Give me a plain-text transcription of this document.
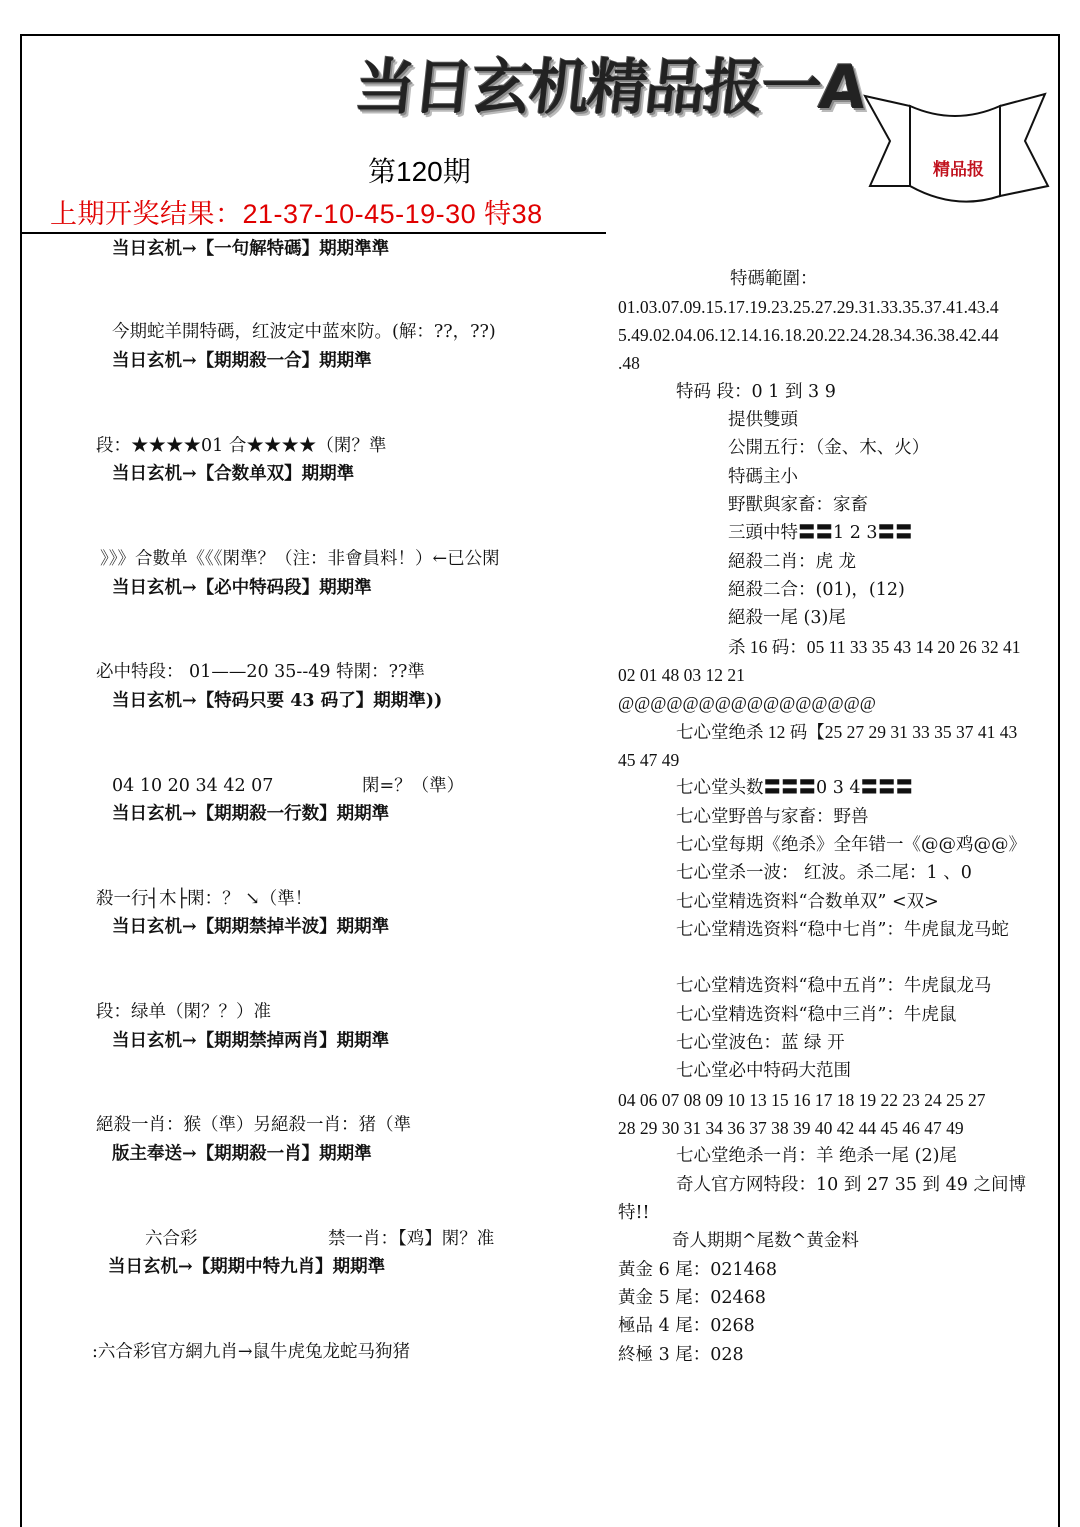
当日玄机精品报一A
精品报
第120期
上期开奖结果：21-37-10-45-19-30 特38
当日玄机→【一句解特碼】期期準準
今期蛇羊開特碼，红波定中蓝來防。(解：??，??)
当日玄机→【期期殺一合】期期準
段：★★★★01 合★★★★（閑？準
当日玄机→【合数单双】期期準
》》》合數单《《《閑準？（注：非會員料！）←已公閑
当日玄机→【必中特码段】期期準
必中特段： 01——20 35--49 特閑：??準
当日玄机→【特码只要 43 码了】期期準))
04 10 20 34 42 07	閑=？（準）
当日玄机→【期期殺一行数】期期準
殺一行┤木├閑：？ ↘（準！
当日玄机→【期期禁掉半波】期期準
段：绿单（閑？？）准
当日玄机→【期期禁掉两肖】期期準
絕殺一肖：猴（準）另絕殺一肖：猪（準
版主奉送→【期期殺一肖】期期準
六合彩	禁一肖：【鸡】閑？准
当日玄机→【期期中特九肖】期期準
:六合彩官方網九肖→鼠牛虎兔龙蛇马狗猪
特碼範圍：
01.03.07.09.15.17.19.23.25.27.29.31.33.35.37.41.43.4
5.49.02.04.06.12.14.16.18.20.22.24.28.34.36.38.42.44
.48
特码 段：0 1 到 3 9
提供雙頭
公開五行：（金、木、火）
特碼主小
野獸與家畜：家畜
三頭中特〓〓1 2 3〓〓
絕殺二肖：虎 龙
絕殺二合：(01)，(12)
絕殺一尾 (3)尾
杀 16 码：05 11 33 35 43 14 20 26 32 41
02 01 48 03 12 21
@@@@@@@@@@@@@@@@
七心堂绝杀 12 码【25 27 29 31 33 35 37 41 43
45 47 49
七心堂头数〓〓〓0 3 4〓〓〓
七心堂野兽与家畜：野兽
七心堂每期《绝杀》全年错一《@@鸡@@》
七心堂杀一波： 红波。杀二尾：1 、0
七心堂精选资料“合数单双” <双>
七心堂精选资料“稳中七肖”：牛虎鼠龙马蛇
七心堂精选资料“稳中五肖”：牛虎鼠龙马
七心堂精选资料“稳中三肖”：牛虎鼠
七心堂波色：蓝 绿 开
七心堂必中特码大范围
04 06 07 08 09 10 13 15 16 17 18 19 22 23 24 25 27
28 29 30 31 34 36 37 38 39 40 42 44 45 46 47 49
七心堂绝杀一肖：羊 绝杀一尾 (2)尾
奇人官方网特段：10 到 27 35 到 49 之间博
特!!
奇人期期^尾数^黄金料
黃金 6 尾：021468
黃金 5 尾：02468
極品 4 尾：0268
終極 3 尾：028
